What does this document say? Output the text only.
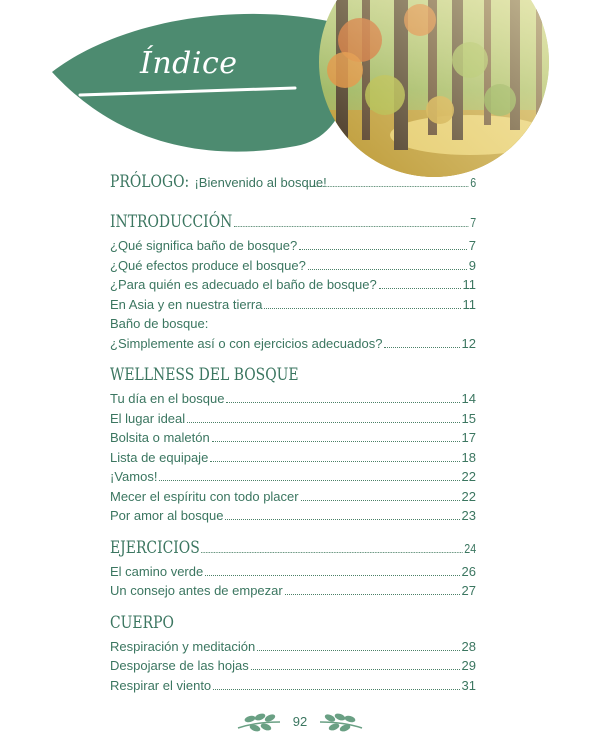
Índice
PRÓLOGO: ¡Bienvenido al bosque!	6
INTRODUCCIÓN	7
¿Qué significa baño de bosque?	7
¿Qué efectos produce el bosque?	9
¿Para quién es adecuado el baño de bosque?	11
En Asia y en nuestra tierra	11
Baño de bosque:
¿Simplemente así o con ejercicios adecuados?	12
WELLNESS DEL BOSQUE
Tu día en el bosque	14
El lugar ideal	15
Bolsita o maletón	17
Lista de equipaje	18
¡Vamos!	22
Mecer el espíritu con todo placer	22
Por amor al bosque	23
EJERCICIOS	24
El camino verde	26
Un consejo antes de empezar	27
CUERPO
Respiración y meditación	28
Despojarse de las hojas	29
Respirar el viento	31
92
